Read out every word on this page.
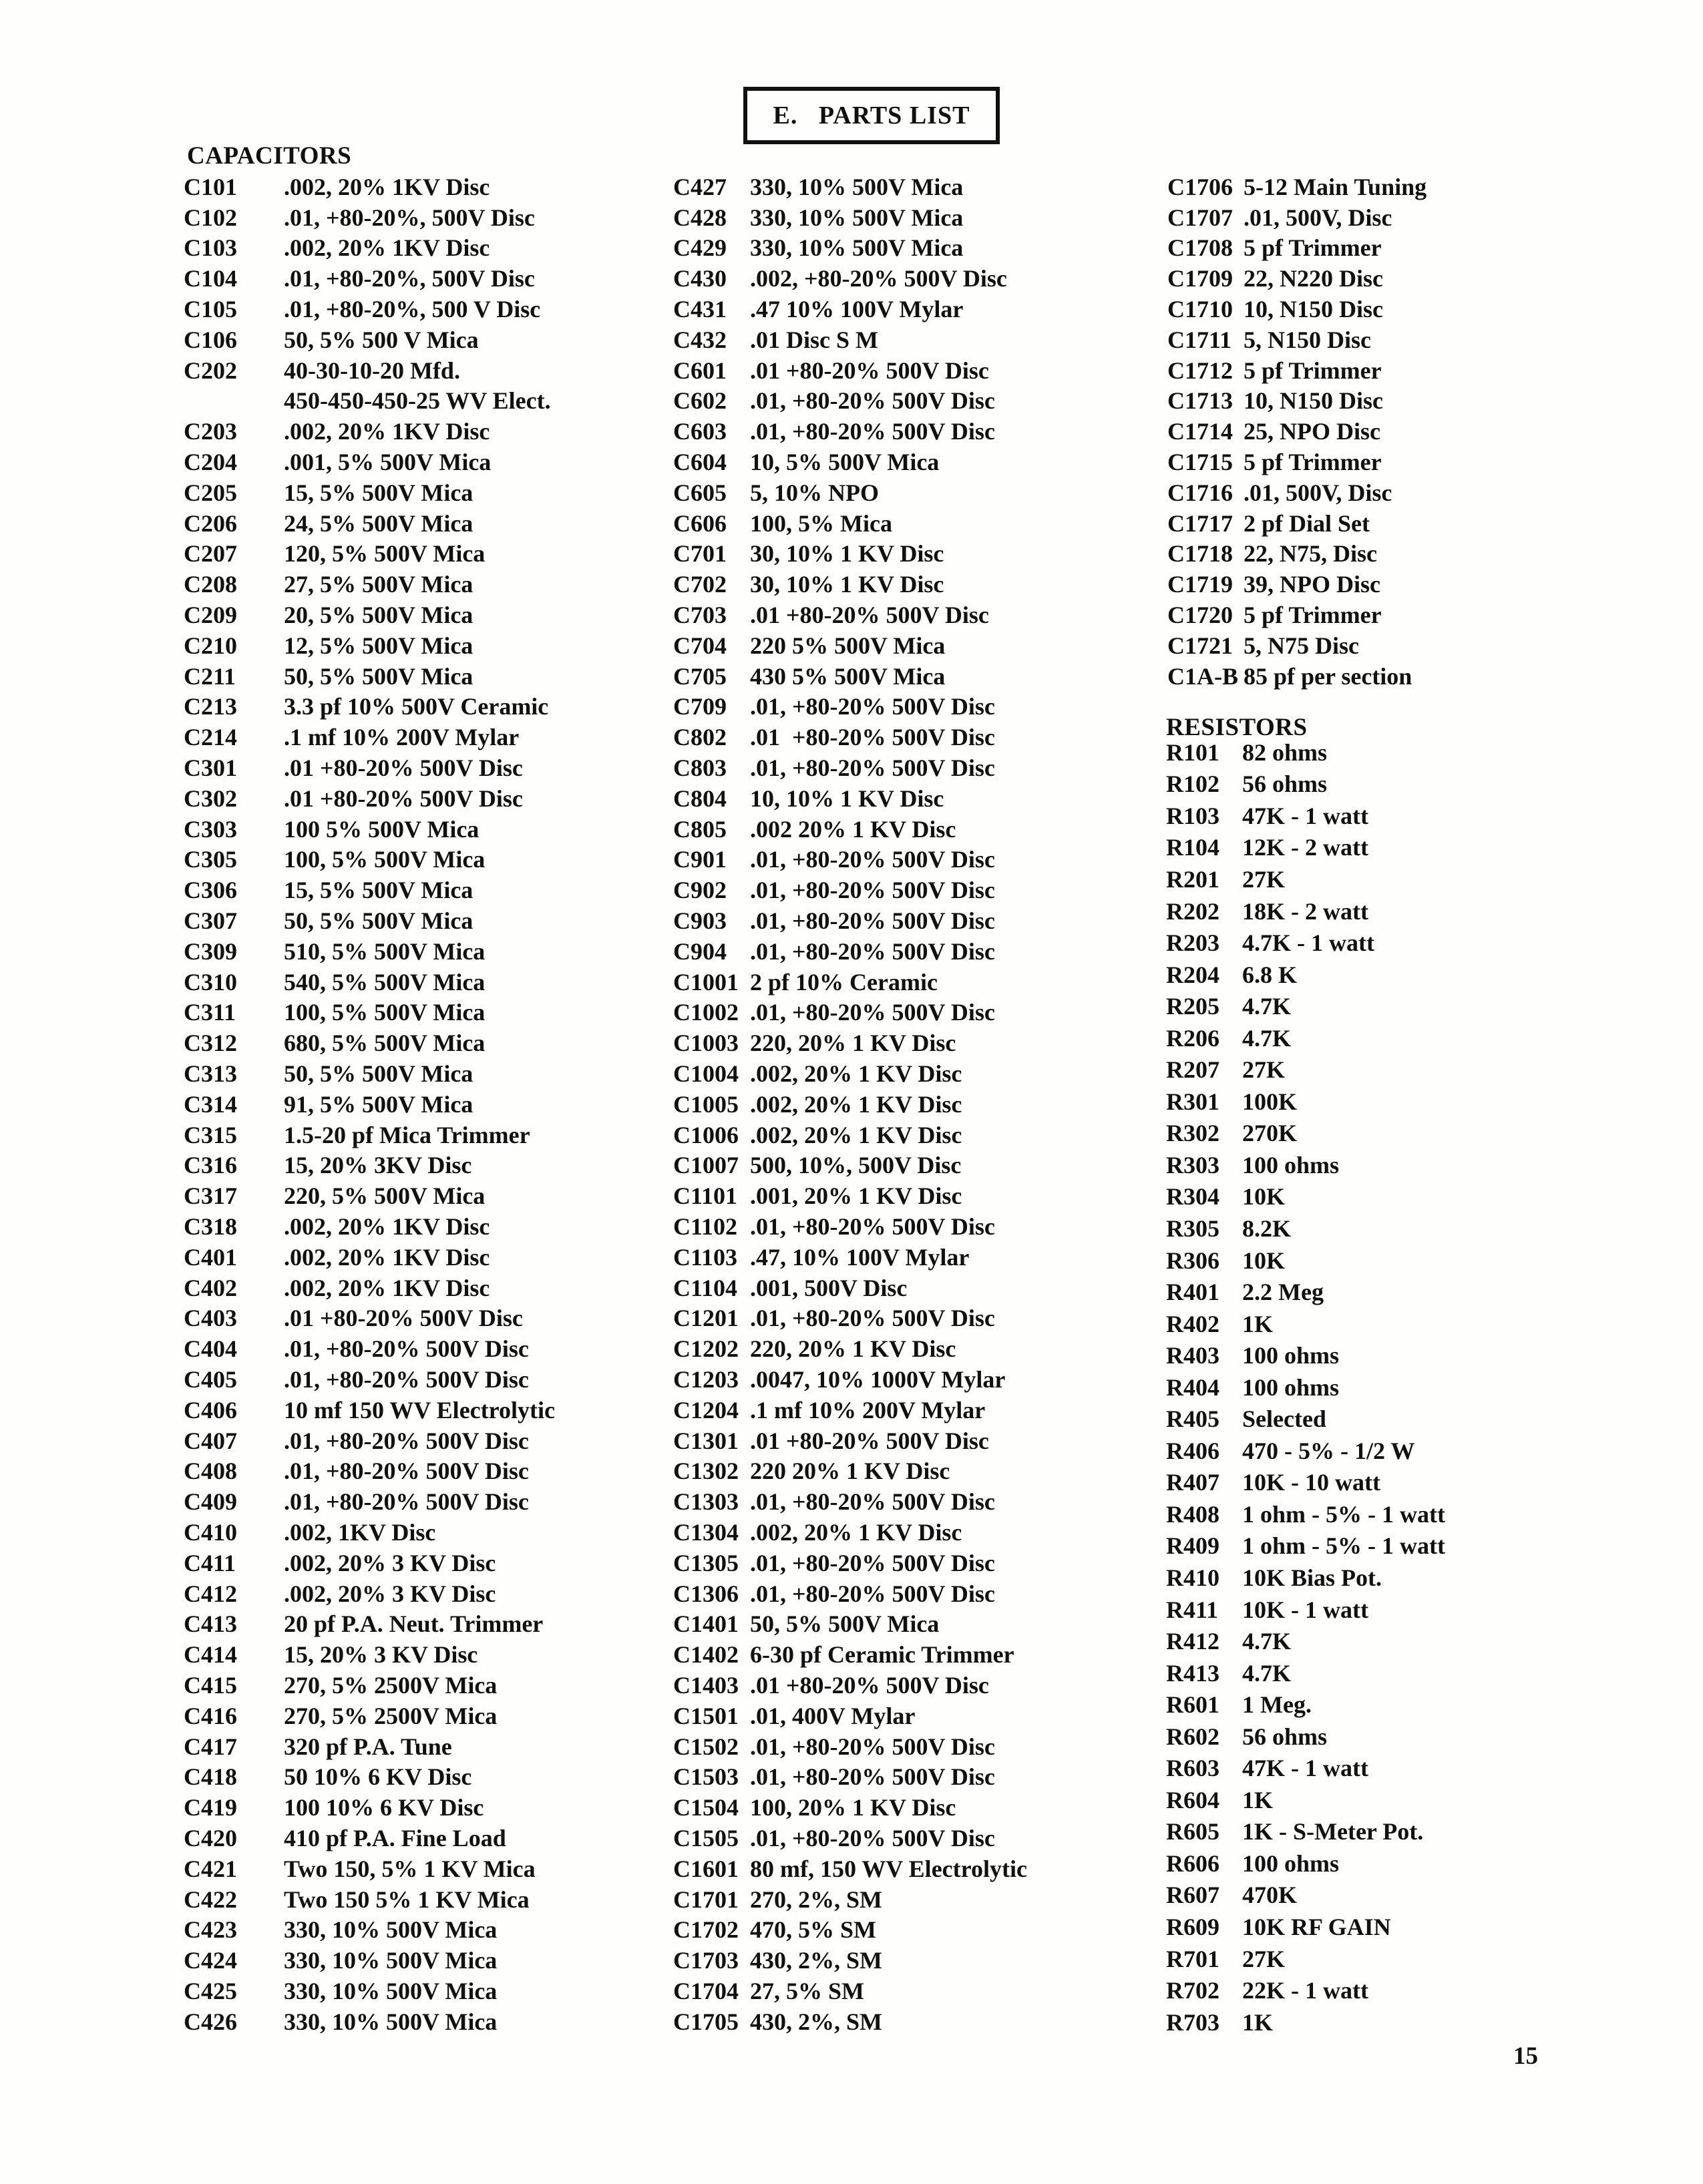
E.   PARTS LIST
CAPACITORS
C101	.002, 20% 1KV Disc
C102	.01, +80-20%, 500V Disc
C103	.002, 20% 1KV Disc
C104	.01, +80-20%, 500V Disc
C105	.01, +80-20%, 500 V Disc
C106	50, 5% 500 V Mica
C202	40-30-10-20 Mfd.
450-450-450-25 WV Elect.
C203	.002, 20% 1KV Disc
C204	.001, 5% 500V Mica
C205	15, 5% 500V Mica
C206	24, 5% 500V Mica
C207	120, 5% 500V Mica
C208	27, 5% 500V Mica
C209	20, 5% 500V Mica
C210	12, 5% 500V Mica
C211	50, 5% 500V Mica
C213	3.3 pf 10% 500V Ceramic
C214	.1 mf 10% 200V Mylar
C301	.01 +80-20% 500V Disc
C302	.01 +80-20% 500V Disc
C303	100 5% 500V Mica
C305	100, 5% 500V Mica
C306	15, 5% 500V Mica
C307	50, 5% 500V Mica
C309	510, 5% 500V Mica
C310	540, 5% 500V Mica
C311	100, 5% 500V Mica
C312	680, 5% 500V Mica
C313	50, 5% 500V Mica
C314	91, 5% 500V Mica
C315	1.5-20 pf Mica Trimmer
C316	15, 20% 3KV Disc
C317	220, 5% 500V Mica
C318	.002, 20% 1KV Disc
C401	.002, 20% 1KV Disc
C402	.002, 20% 1KV Disc
C403	.01 +80-20% 500V Disc
C404	.01, +80-20% 500V Disc
C405	.01, +80-20% 500V Disc
C406	10 mf 150 WV Electrolytic
C407	.01, +80-20% 500V Disc
C408	.01, +80-20% 500V Disc
C409	.01, +80-20% 500V Disc
C410	.002, 1KV Disc
C411	.002, 20% 3 KV Disc
C412	.002, 20% 3 KV Disc
C413	20 pf P.A. Neut. Trimmer
C414	15, 20% 3 KV Disc
C415	270, 5% 2500V Mica
C416	270, 5% 2500V Mica
C417	320 pf P.A. Tune
C418	50 10% 6 KV Disc
C419	100 10% 6 KV Disc
C420	410 pf P.A. Fine Load
C421	Two 150, 5% 1 KV Mica
C422	Two 150 5% 1 KV Mica
C423	330, 10% 500V Mica
C424	330, 10% 500V Mica
C425	330, 10% 500V Mica
C426	330, 10% 500V Mica
C427 330, 10% 500V Mica
C428 330, 10% 500V Mica
C429 330, 10% 500V Mica
C430 .002, +80-20% 500V Disc
C431 .47 10% 100V Mylar
C432 .01 Disc S M
C601 .01 +80-20% 500V Disc
C602 .01, +80-20% 500V Disc
C603 .01, +80-20% 500V Disc
C604 10, 5% 500V Mica
C605 5, 10% NPO
C606 100, 5% Mica
C701 30, 10% 1 KV Disc
C702 30, 10% 1 KV Disc
C703 .01 +80-20% 500V Disc
C704 220 5% 500V Mica
C705 430 5% 500V Mica
C709 .01, +80-20% 500V Disc
C802 .01  +80-20% 500V Disc
C803 .01, +80-20% 500V Disc
C804 10, 10% 1 KV Disc
C805 .002 20% 1 KV Disc
C901 .01, +80-20% 500V Disc
C902 .01, +80-20% 500V Disc
C903 .01, +80-20% 500V Disc
C904 .01, +80-20% 500V Disc
C1001 2 pf 10% Ceramic
C1002 .01, +80-20% 500V Disc
C1003 220, 20% 1 KV Disc
C1004 .002, 20% 1 KV Disc
C1005 .002, 20% 1 KV Disc
C1006 .002, 20% 1 KV Disc
C1007 500, 10%, 500V Disc
C1101 .001, 20% 1 KV Disc
C1102 .01, +80-20% 500V Disc
C1103 .47, 10% 100V Mylar
C1104 .001, 500V Disc
C1201 .01, +80-20% 500V Disc
C1202 220, 20% 1 KV Disc
C1203 .0047, 10% 1000V Mylar
C1204 .1 mf 10% 200V Mylar
C1301 .01 +80-20% 500V Disc
C1302 220 20% 1 KV Disc
C1303 .01, +80-20% 500V Disc
C1304 .002, 20% 1 KV Disc
C1305 .01, +80-20% 500V Disc
C1306 .01, +80-20% 500V Disc
C1401 50, 5% 500V Mica
C1402 6-30 pf Ceramic Trimmer
C1403 .01 +80-20% 500V Disc
C1501 .01, 400V Mylar
C1502 .01, +80-20% 500V Disc
C1503 .01, +80-20% 500V Disc
C1504 100, 20% 1 KV Disc
C1505 .01, +80-20% 500V Disc
C1601 80 mf, 150 WV Electrolytic
C1701 270, 2%, SM
C1702 470, 5% SM
C1703 430, 2%, SM
C1704 27, 5% SM
C1705 430, 2%, SM
C1706 5-12 Main Tuning
C1707 .01, 500V, Disc
C1708 5 pf Trimmer
C1709 22, N220 Disc
C1710 10, N150 Disc
C1711 5, N150 Disc
C1712 5 pf Trimmer
C1713 10, N150 Disc
C1714 25, NPO Disc
C1715 5 pf Trimmer
C1716 .01, 500V, Disc
C1717 2 pf Dial Set
C1718 22, N75, Disc
C1719 39, NPO Disc
C1720 5 pf Trimmer
C1721 5, N75 Disc
C1A-B 85 pf per section
RESISTORS
R101 82 ohms
R102 56 ohms
R103 47K - 1 watt
R104 12K - 2 watt
R201 27K
R202 18K - 2 watt
R203 4.7K - 1 watt
R204 6.8 K
R205 4.7K
R206 4.7K
R207 27K
R301 100K
R302 270K
R303 100 ohms
R304 10K
R305 8.2K
R306 10K
R401 2.2 Meg
R402 1K
R403 100 ohms
R404 100 ohms
R405 Selected
R406 470 - 5% - 1/2 W
R407 10K - 10 watt
R408 1 ohm - 5% - 1 watt
R409 1 ohm - 5% - 1 watt
R410 10K Bias Pot.
R411 10K - 1 watt
R412 4.7K
R413 4.7K
R601 1 Meg.
R602 56 ohms
R603 47K - 1 watt
R604 1K
R605 1K - S-Meter Pot.
R606 100 ohms
R607 470K
R609 10K RF GAIN
R701 27K
R702 22K - 1 watt
R703 1K
15
